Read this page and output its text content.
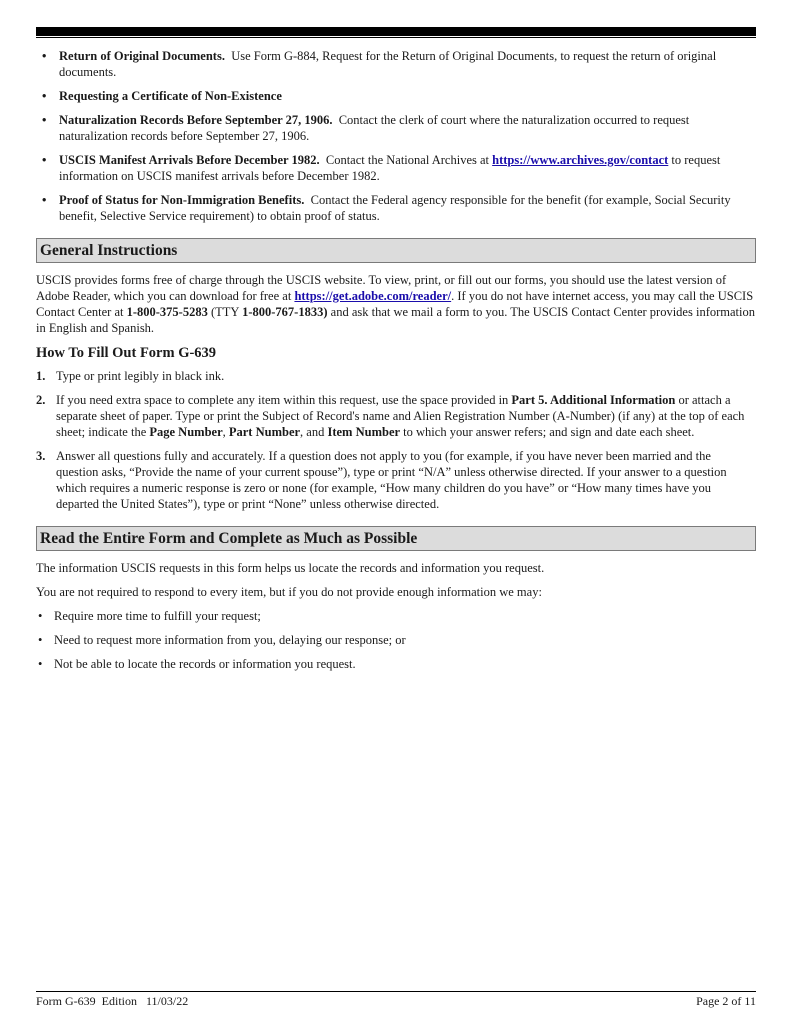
• Return of Original Documents. Use Form G-884, Request for the Return of Original Documents, to request the return of original documents.
• Requesting a Certificate of Non-Existence
• Naturalization Records Before September 27, 1906. Contact the clerk of court where the naturalization occurred to request naturalization records before September 27, 1906.
• USCIS Manifest Arrivals Before December 1982. Contact the National Archives at https://www.archives.gov/contact to request information on USCIS manifest arrivals before December 1982.
• Proof of Status for Non-Immigration Benefits. Contact the Federal agency responsible for the benefit (for example, Social Security benefit, Selective Service requirement) to obtain proof of status.
General Instructions

USCIS provides forms free of charge through the USCIS website. To view, print, or fill out our forms, you should use the latest version of Adobe Reader, which you can download for free at https://get.adobe.com/reader/. If you do not have internet access, you may call the USCIS Contact Center at 1-800-375-5283 (TTY 1-800-767-1833) and ask that we mail a form to you. The USCIS Contact Center provides information in English and Spanish.

How To Fill Out Form G-639
1. Type or print legibly in black ink.
2. If you need extra space to complete any item within this request, use the space provided in Part 5. Additional Information or attach a separate sheet of paper. Type or print the Subject of Record's name and Alien Registration Number (A-Number) (if any) at the top of each sheet; indicate the Page Number, Part Number, and Item Number to which your answer refers; and sign and date each sheet.
3. Answer all questions fully and accurately. If a question does not apply to you (for example, if you have never been married and the question asks, “Provide the name of your current spouse”), type or print “N/A” unless otherwise directed. If your answer to a question which requires a numeric response is zero or none (for example, “How many children do you have” or “How many times have you departed the United States”), type or print “None” unless otherwise directed.
Read the Entire Form and Complete as Much as Possible

The information USCIS requests in this form helps us locate the records and information you request.

You are not required to respond to every item, but if you do not provide enough information we may:

• Require more time to fulfill your request;
• Need to request more information from you, delaying our response; or
• Not be able to locate the records or information you request.
Form G-639  Edition   11/03/22	Page 2 of 11
